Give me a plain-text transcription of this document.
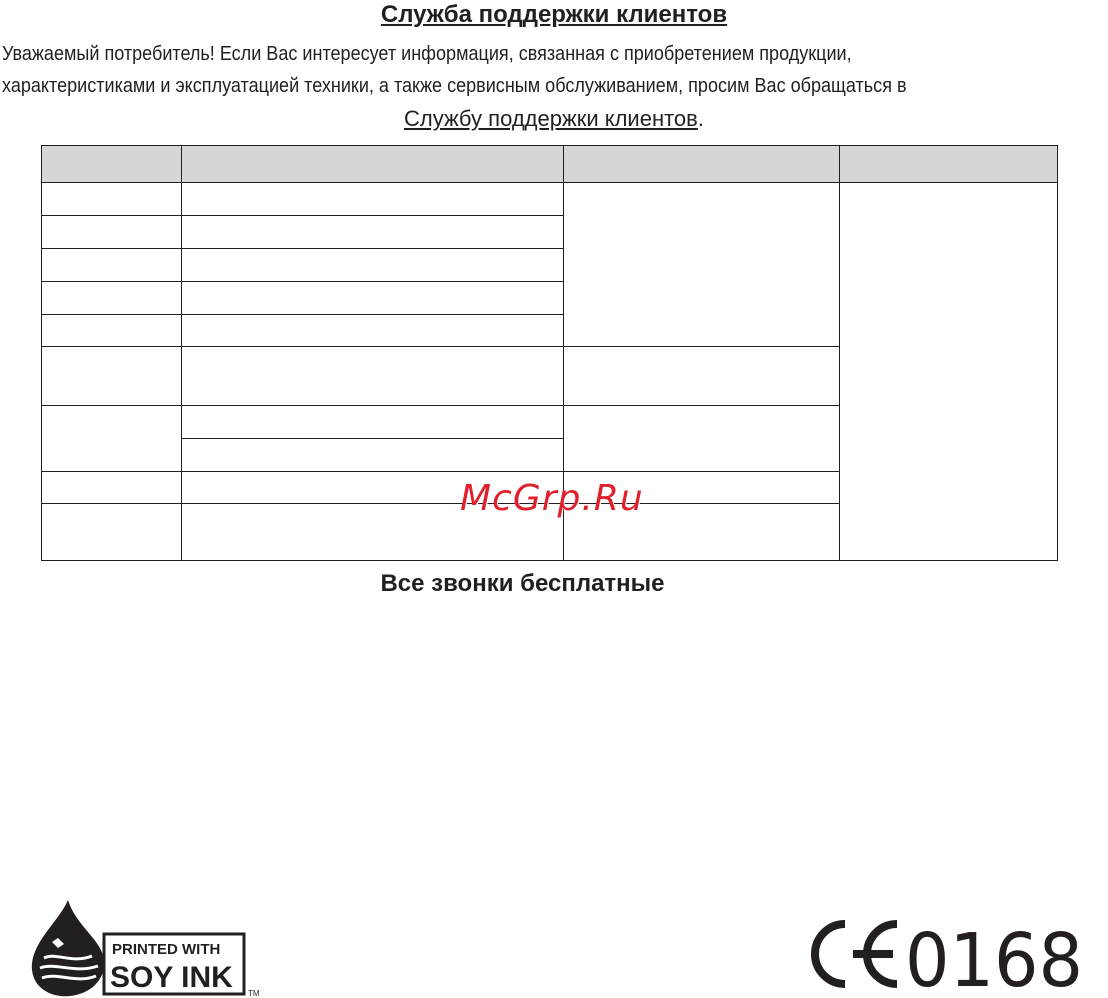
Служба поддержки клиентов
Уважаемый потребитель! Если Вас интересует информация, связанная с приобретением продукции,
характеристиками и эксплуатацией техники, а также сервисным обслуживанием, просим Вас обращаться в
Службу поддержки клиентов.

Все звонки бесплатные
McGrp.Ru
PRINTED WITH
SOY INK TM	0168
